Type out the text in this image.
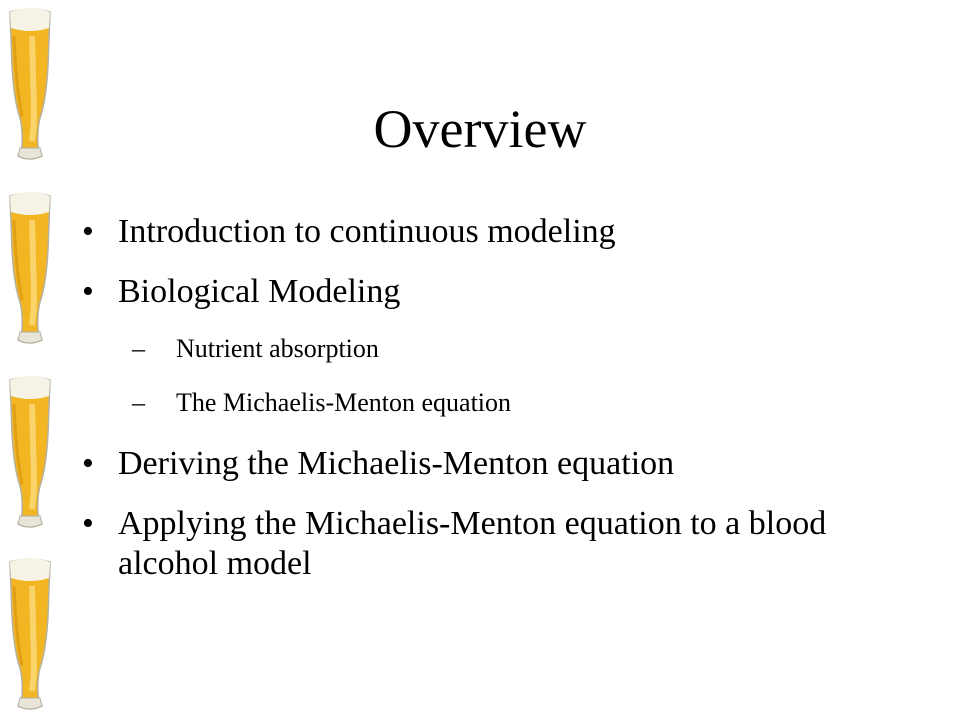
Overview
• Introduction to continuous modeling
• Biological Modeling
– Nutrient absorption
– The Michaelis-Menton equation
• Deriving the Michaelis-Menton equation
• Applying the Michaelis-Menton equation to a blood alcohol model
